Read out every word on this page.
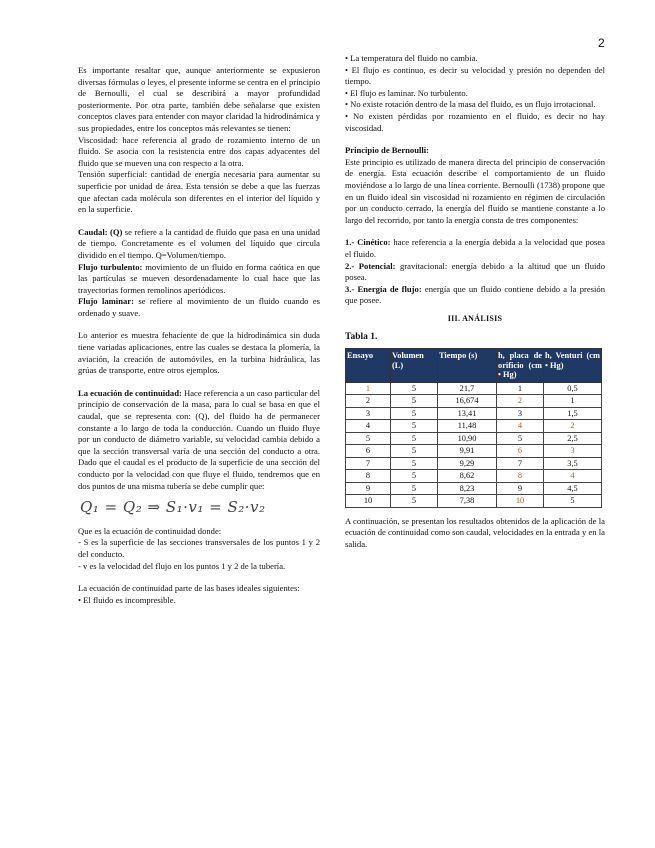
2

Es importante resaltar que, aunque anteriormente se expusieron diversas fórmulas o leyes, el presente informe se centra en el principio de Bernoulli, el cual se describirá a mayor profundidad posteriormente. Por otra parte, también debe señalarse que existen conceptos claves para entender con mayor claridad la hidrodinámica y sus propiedades, entre los conceptos más relevantes se tienen:

Viscosidad: hace referencia al grado de rozamiento interno de un fluido. Se asocia con la resistencia entre dos capas adyacentes del fluido que se mueven una con respecto a la otra.

Tensión superficial: cantidad de energía necesaria para aumentar su superficie por unidad de área. Esta tensión se debe a que las fuerzas que afectan cada molécula son diferentes en el interior del líquido y en la superficie.

Caudal: (Q) se refiere a la cantidad de fluido que pasa en una unidad de tiempo. Concretamente es el volumen del líquido que circula dividido en el tiempo. Q=Volumen/tiempo.

Flujo turbulento: movimiento de un fluido en forma caótica en que las partículas se mueven desordenadamente lo cual hace que las trayectorias formen remolinos aperiódicos.

Flujo laminar: se refiere al movimiento de un fluido cuando es ordenado y suave.

Lo anterior es muestra fehaciente de que la hidrodinámica sin duda tiene variadas aplicaciones, entre las cuales se destaca la plomería, la aviación, la creación de automóviles, en la turbina hidráulica, las grúas de transporte, entre otros ejemplos.

La ecuación de continuidad: Hace referencia a un caso particular del principio de conservación de la masa, para lo cual se basa en que el caudal, que se representa con: (Q), del fluido ha de permanecer constante a lo largo de toda la conducción. Cuando un fluido fluye por un conducto de diámetro variable, su velocidad cambia debido a que la sección transversal varía de una sección del conducto a otra. Dado que el caudal es el producto de la superficie de una sección del conducto por la velocidad con que fluye el fluido, tendremos que en dos puntos de una misma tubería se debe cumplir que:

Q₁ = Q₂ ⇒ S₁·v₁ = S₂·v₂

Que es la ecuación de continuidad donde:

- S es la superficie de las secciones transversales de los puntos 1 y 2 del conducto.

- v es la velocidad del flujo en los puntos 1 y 2 de la tubería.

La ecuación de continuidad parte de las bases ideales siguientes:

• El fluido es incompresible.

• La temperatura del fluido no cambia.

• El flujo es continuo, es decir su velocidad y presión no dependen del tiempo.

• El flujo es laminar. No turbulento.

• No existe rotación dentro de la masa del fluido, es un flujo irrotacional.

• No existen pérdidas por rozamiento en el fluido, es decir no hay viscosidad.

Principio de Bernoulli:

Este principio es utilizado de manera directa del principio de conservación de energía. Esta ecuación describe el comportamiento de un fluido moviéndose a lo largo de una línea corriente. Bernoulli (1738) propone que en un fluido ideal sin viscosidad ni rozamiento en régimen de circulación por un conducto cerrado, la energía del fluido se mantiene constante a lo largo del recorrido, por tanto la energía consta de tres componentes:

1.- Cinético: hace referencia a la energía debida a la velocidad que posea el fluido.

2.- Potencial: gravitacional: energía debido a la altitud que un fluido posea.

3.- Energía de flujo: energía que un fluido contiene debido a la presión que posee.

III. ANÁLISIS
Tabla 1.
Ensayo	Volumen (L)	Tiempo (s)	h, placa de orificio (cm • Hg)	h, Venturi (cm • Hg)
1	5	21,7	1	0,5
2	5	16,674	2	1
3	5	13,41	3	1,5
4	5	11,48	4	2
5	5	10,90	5	2,5
6	5	9,91	6	3
7	5	9,29	7	3,5
8	5	8,62	8	4
9	5	8,23	9	4,5
10	5	7,38	10	5

A continuación, se presentan los resultados obtenidos de la aplicación de la ecuación de continuidad como son caudal, velocidades en la entrada y en la salida.
